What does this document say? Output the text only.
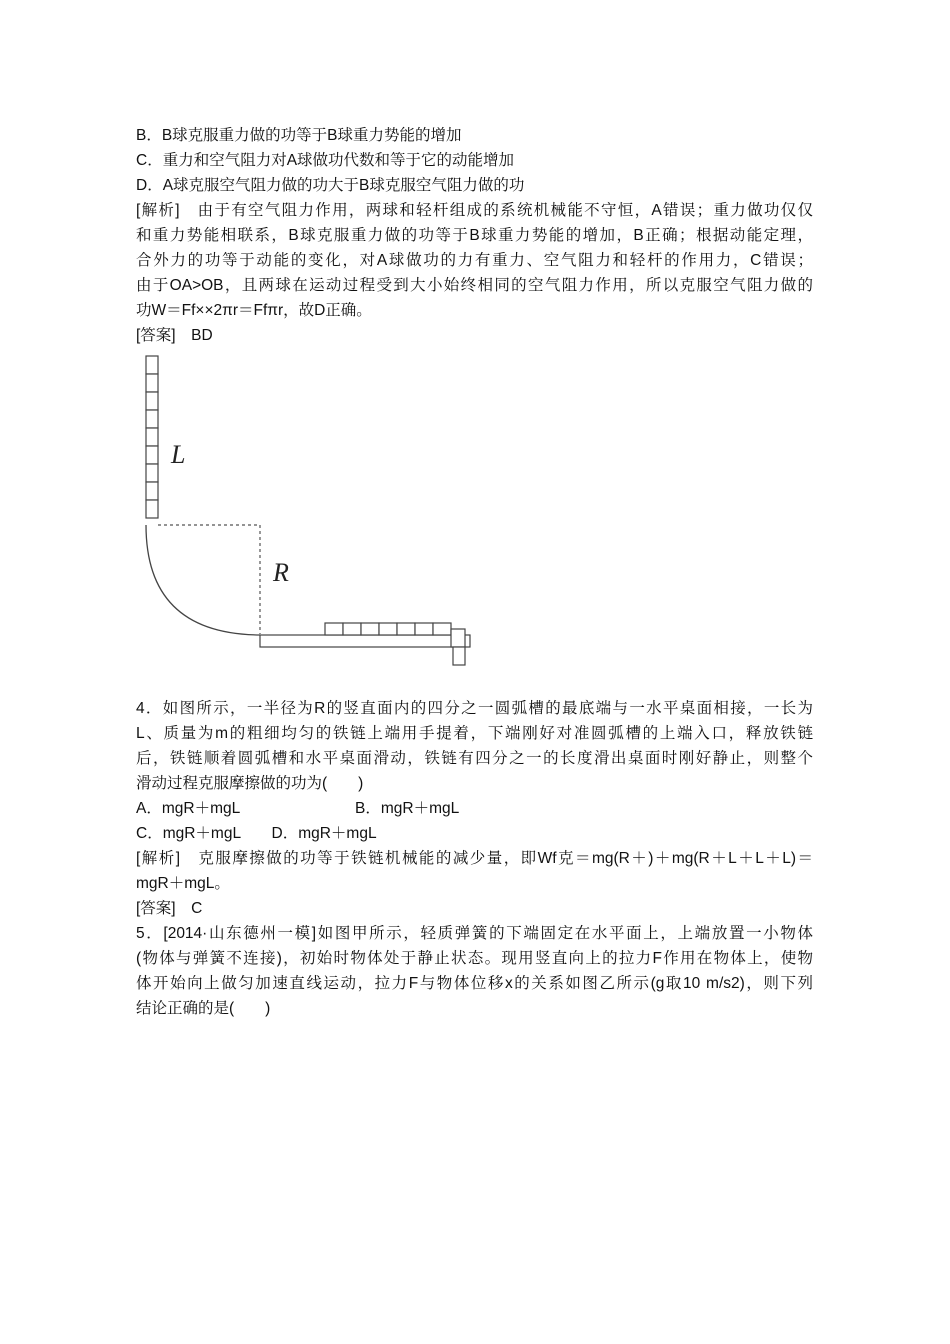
B．B球克服重力做的功等于B球重力势能的增加
C．重力和空气阻力对A球做功代数和等于它的动能增加
D．A球克服空气阻力做的功大于B球克服空气阻力做的功
[解析]　由于有空气阻力作用，两球和轻杆组成的系统机械能不守恒，A错误；重力做功仅仅
和重力势能相联系，B球克服重力做的功等于B球重力势能的增加，B正确；根据动能定理，
合外力的功等于动能的变化，对A球做功的力有重力、空气阻力和轻杆的作用力，C错误；
由于OA>OB，且两球在运动过程受到大小始终相同的空气阻力作用，所以克服空气阻力做的
功W＝Ff××2πr＝Ffπr，故D正确。
[答案]　BD
L
R
4．如图所示，一半径为R的竖直面内的四分之一圆弧槽的最底端与一水平桌面相接，一长为
L、质量为m的粗细均匀的铁链上端用手提着，下端刚好对准圆弧槽的上端入口，释放铁链
后，铁链顺着圆弧槽和水平桌面滑动，铁链有四分之一的长度滑出桌面时刚好静止，则整个
滑动过程克服摩擦做的功为(　　)
A．mgR＋mgL	B．mgR＋mgL
C．mgR＋mgL　　D．mgR＋mgL
[解析]　克服摩擦做的功等于铁链机械能的减少量，即Wf克＝mg(R＋)＋mg(R＋L＋L＋L)＝
mgR＋mgL。
[答案]　C
5．[2014·山东德州一模]如图甲所示，轻质弹簧的下端固定在水平面上，上端放置一小物体
(物体与弹簧不连接)，初始时物体处于静止状态。现用竖直向上的拉力F作用在物体上，使物
体开始向上做匀加速直线运动，拉力F与物体位移x的关系如图乙所示(g取10 m/s2)，则下列
结论正确的是(　　)
